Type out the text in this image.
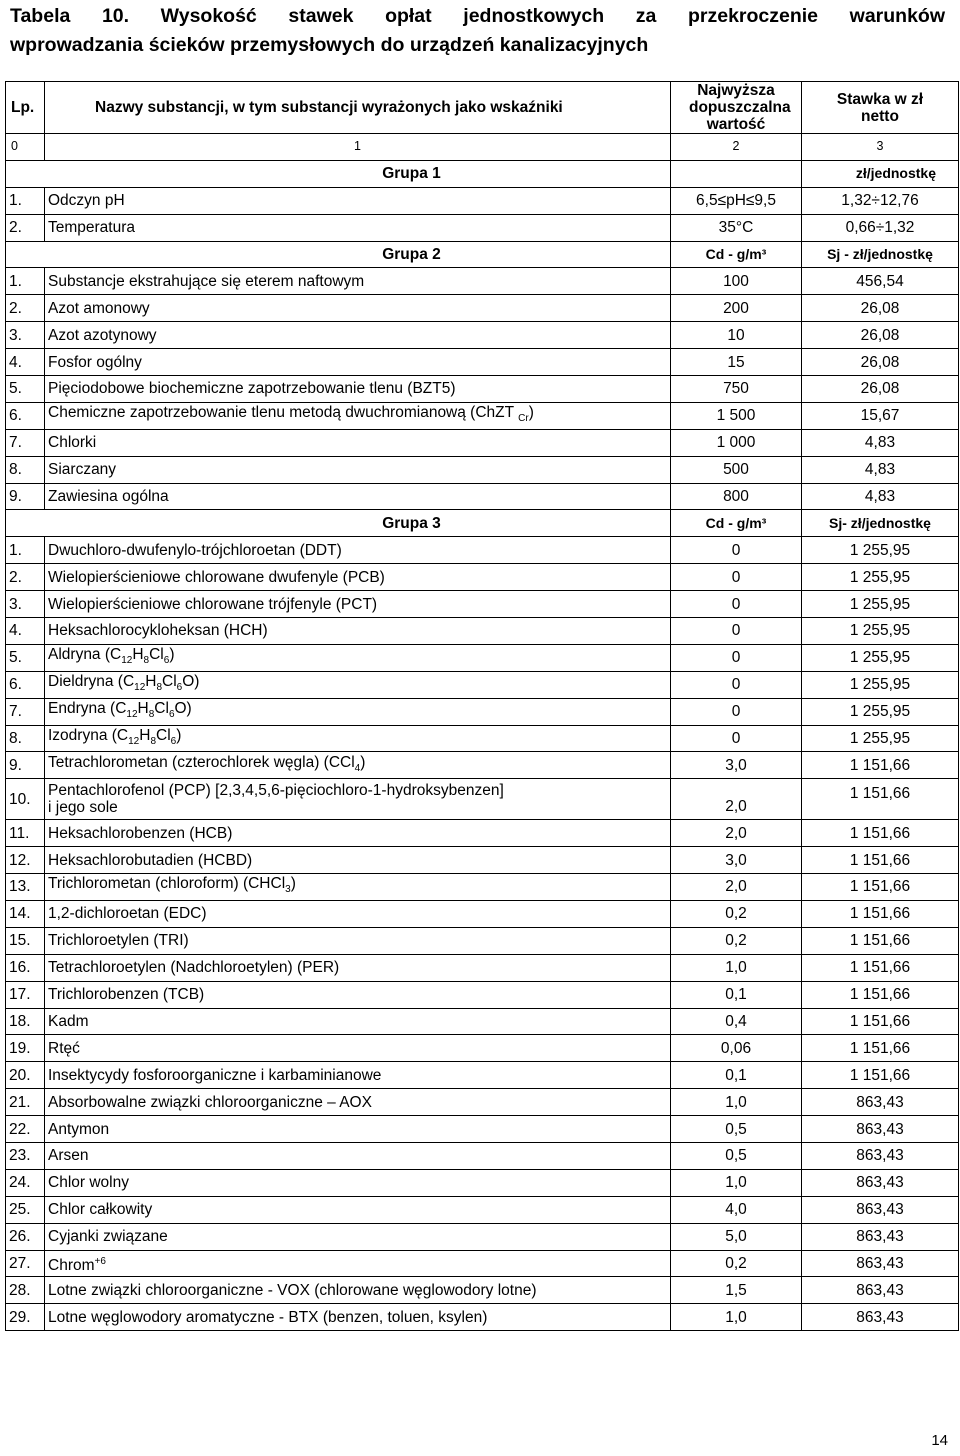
Tabela 10. Wysokość stawek opłat jednostkowych za przekroczenie warunków
wprowadzania ścieków przemysłowych do urządzeń kanalizacyjnych
Lp.	Nazwy substancji, w tym substancji wyrażonych jako wskaźniki	Najwyższa dopuszczalna wartość	Stawka w zł netto
0	1	2	3
Grupa 1			zł/jednostkę
1.	Odczyn pH	6,5≤pH≤9,5	1,32÷12,76
2.	Temperatura	35°C	0,66÷1,32
Grupa 2		Cd - g/m³	Sj - zł/jednostkę
1.	Substancje ekstrahujące się eterem naftowym	100	456,54
2.	Azot amonowy	200	26,08
3.	Azot azotynowy	10	26,08
4.	Fosfor ogólny	15	26,08
5.	Pięciodobowe biochemiczne zapotrzebowanie tlenu (BZT5)	750	26,08
6.	Chemiczne zapotrzebowanie tlenu metodą dwuchromianową (ChZT $_{Cr}$)	1 500	15,67
7.	Chlorki	1 000	4,83
8.	Siarczany	500	4,83
9.	Zawiesina ogólna	800	4,83
Grupa 3		Cd - g/m³	Sj- zł/jednostkę
1.	Dwuchloro-dwufenylo-trójchloroetan (DDT)	0	1 255,95
2.	Wielopierścieniowe chlorowane dwufenyle (PCB)	0	1 255,95
3.	Wielopierścieniowe chlorowane trójfenyle (PCT)	0	1 255,95
4.	Heksachlorocykloheksan (HCH)	0	1 255,95
5.	Aldryna $(C_{12}H_8Cl_6)$	0	1 255,95
6.	Dieldryna $(C_{12}H_8Cl_6O)$	0	1 255,95
7.	Endryna $(C_{12}H_8Cl_6O)$	0	1 255,95
8.	Izodryna $(C_{12}H_8Cl_6)$	0	1 255,95
9.	Tetrachlorometan (czterochlorek węgla) (CCl$_4$)	3,0	1 151,66
10.	Pentachlorofenol (PCP) [2,3,4,5,6-pięciochloro-1-hydroksybenzen]
i jego sole	2,0	1 151,66
11.	Heksachlorobenzen (HCB)	2,0	1 151,66
12.	Heksachlorobutadien (HCBD)	3,0	1 151,66
13.	Trichlorometan (chloroform) (CHCl$_3$)	2,0	1 151,66
14.	1,2-dichloroetan (EDC)	0,2	1 151,66
15.	Trichloroetylen (TRI)	0,2	1 151,66
16.	Tetrachloroetylen (Nadchloroetylen) (PER)	1,0	1 151,66
17.	Trichlorobenzen (TCB)	0,1	1 151,66
18.	Kadm	0,4	1 151,66
19.	Rtęć	0,06	1 151,66
20.	Insektycydy fosforoorganiczne i karbaminianowe	0,1	1 151,66
21.	Absorbowalne związki chloroorganiczne – AOX	1,0	863,43
22.	Antymon	0,5	863,43
23.	Arsen	0,5	863,43
24.	Chlor wolny	1,0	863,43
25.	Chlor całkowity	4,0	863,43
26.	Cyjanki związane	5,0	863,43
27.	Chrom$^{+6}$	0,2	863,43
28.	Lotne związki chloroorganiczne - VOX (chlorowane węglowodory lotne)	1,5	863,43
29.	Lotne węglowodory aromatyczne - BTX (benzen, toluen, ksylen)	1,0	863,43
14
